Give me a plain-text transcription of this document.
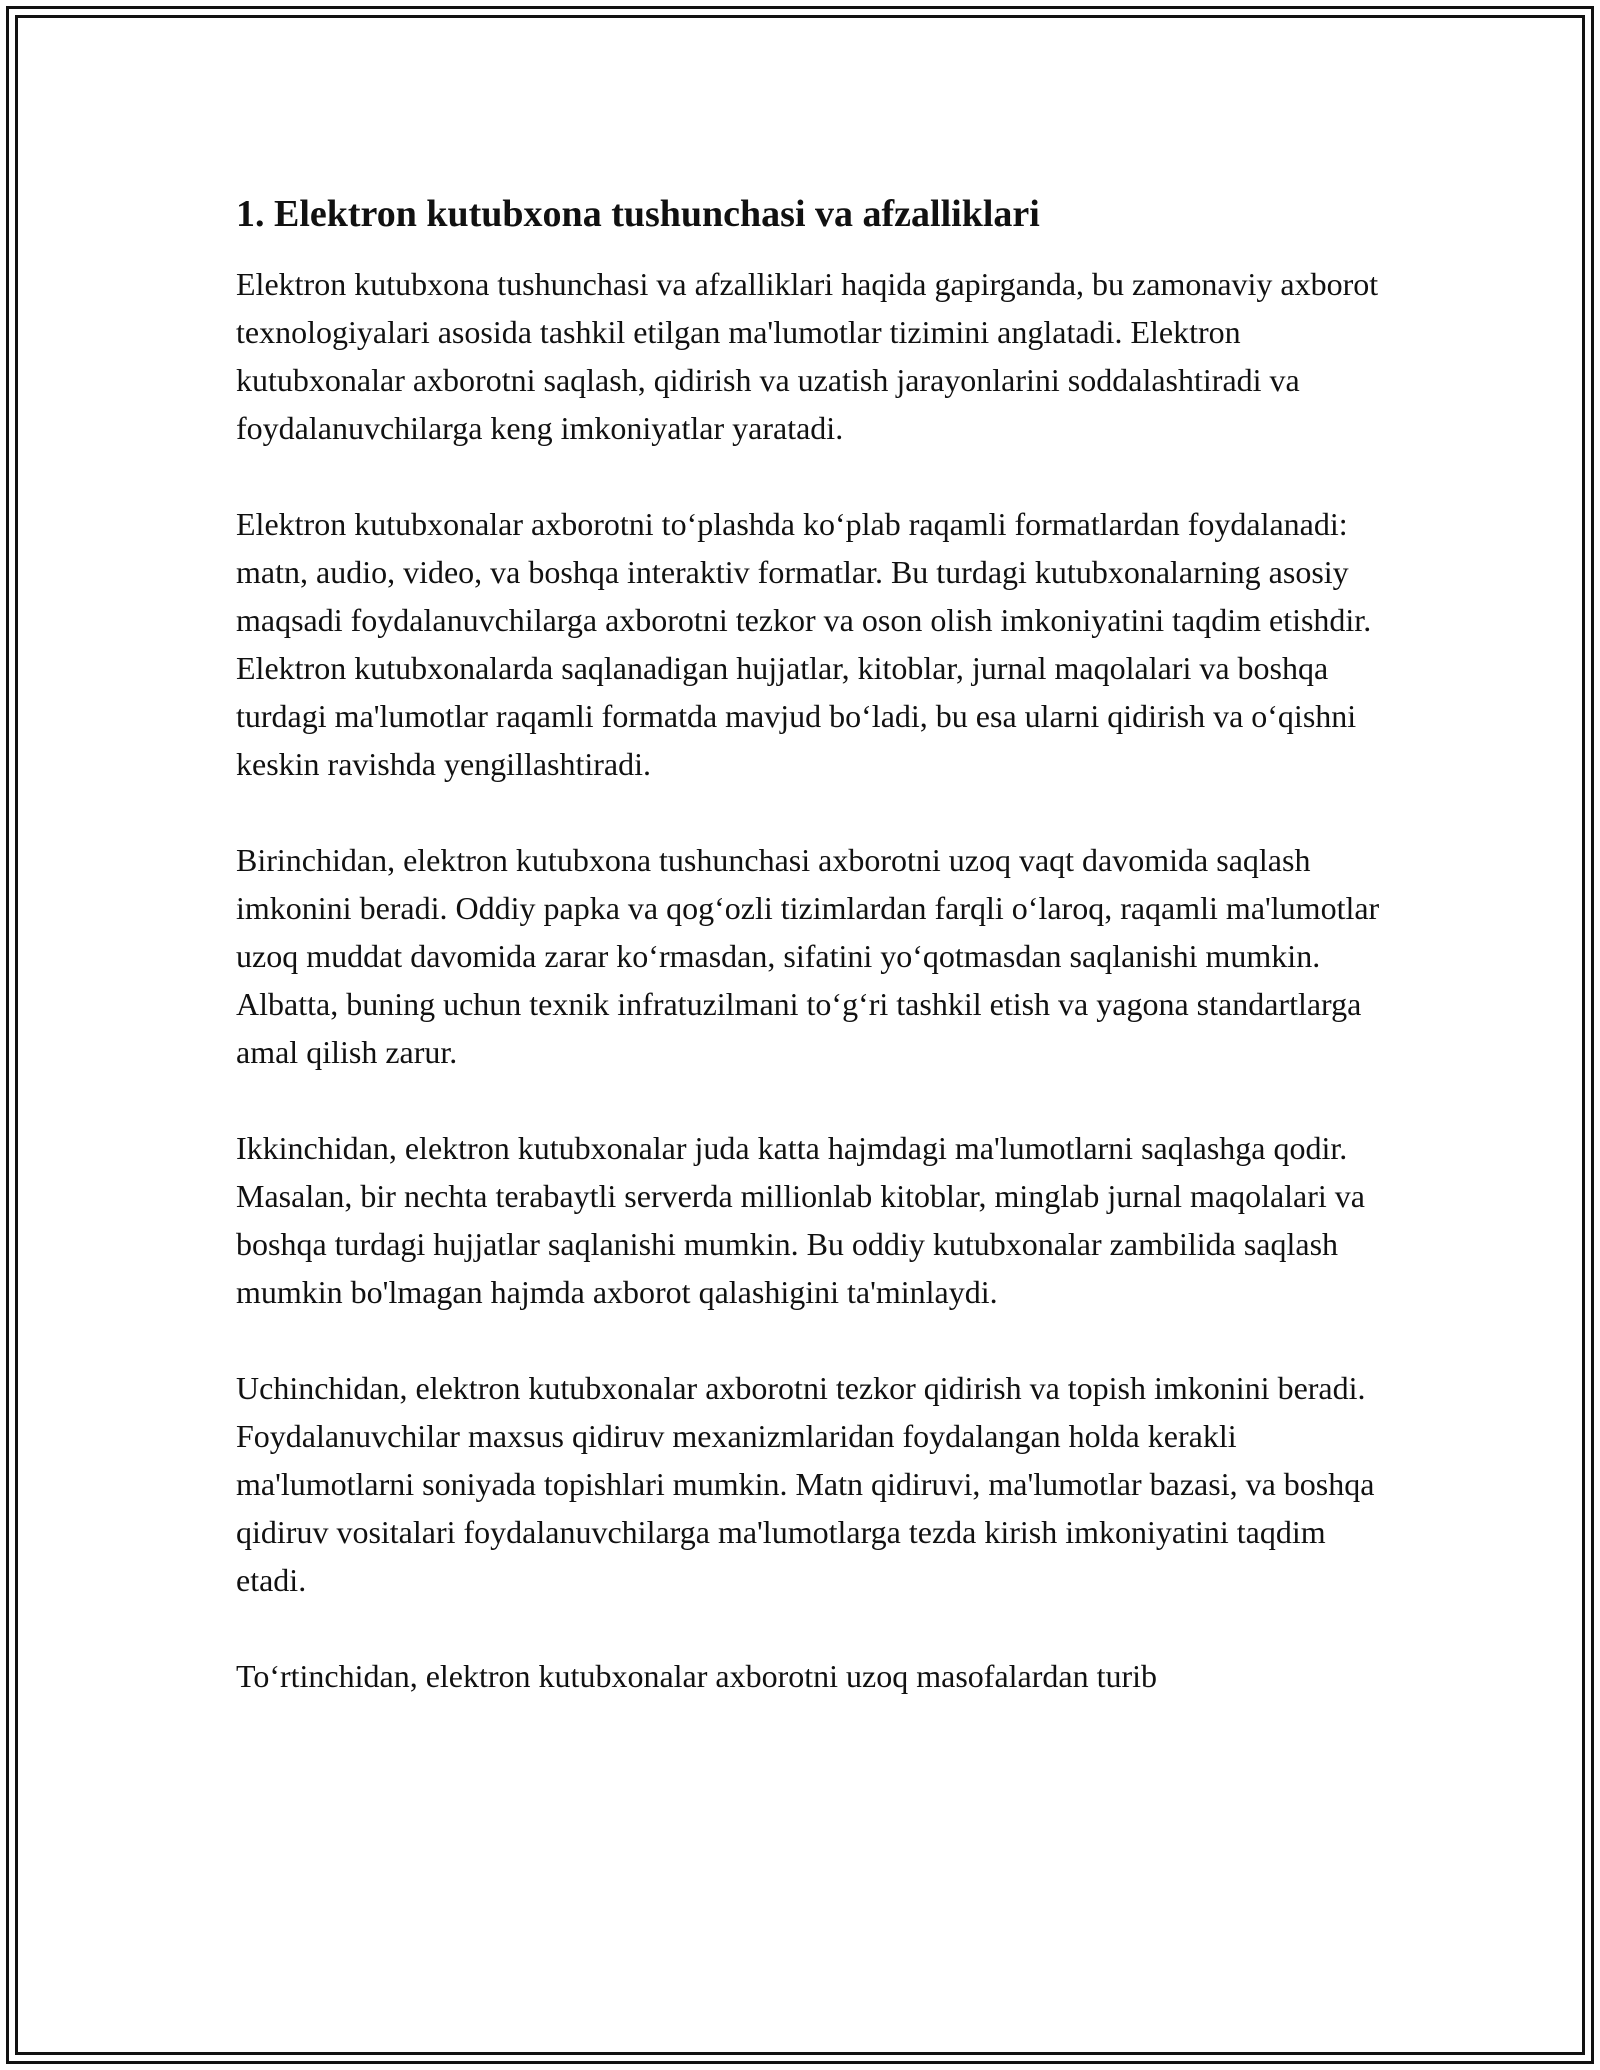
1. Elektron kutubxona tushunchasi va afzalliklari

Elektron kutubxona tushunchasi va afzalliklari haqida gapirganda, bu zamonaviy axborot texnologiyalari asosida tashkil etilgan ma'lumotlar tizimini anglatadi. Elektron kutubxonalar axborotni saqlash, qidirish va uzatish jarayonlarini soddalashtiradi va foydalanuvchilarga keng imkoniyatlar yaratadi.

Elektron kutubxonalar axborotni to‘plashda ko‘plab raqamli formatlardan foydalanadi: matn, audio, video, va boshqa interaktiv formatlar. Bu turdagi kutubxonalarning asosiy maqsadi foydalanuvchilarga axborotni tezkor va oson olish imkoniyatini taqdim etishdir. Elektron kutubxonalarda saqlanadigan hujjatlar, kitoblar, jurnal maqolalari va boshqa turdagi ma'lumotlar raqamli formatda mavjud bo‘ladi, bu esa ularni qidirish va o‘qishni keskin ravishda yengillashtiradi.

Birinchidan, elektron kutubxona tushunchasi axborotni uzoq vaqt davomida saqlash imkonini beradi. Oddiy papka va qog‘ozli tizimlardan farqli o‘laroq, raqamli ma'lumotlar uzoq muddat davomida zarar ko‘rmasdan, sifatini yo‘qotmasdan saqlanishi mumkin. Albatta, buning uchun texnik infratuzilmani to‘g‘ri tashkil etish va yagona standartlarga amal qilish zarur.

Ikkinchidan, elektron kutubxonalar juda katta hajmdagi ma'lumotlarni saqlashga qodir. Masalan, bir nechta terabaytli serverda millionlab kitoblar, minglab jurnal maqolalari va boshqa turdagi hujjatlar saqlanishi mumkin. Bu oddiy kutubxonalar zambilida saqlash mumkin bo'lmagan hajmda axborot qalashigini ta'minlaydi.

Uchinchidan, elektron kutubxonalar axborotni tezkor qidirish va topish imkonini beradi. Foydalanuvchilar maxsus qidiruv mexanizmlaridan foydalangan holda kerakli ma'lumotlarni soniyada topishlari mumkin. Matn qidiruvi, ma'lumotlar bazasi, va boshqa qidiruv vositalari foydalanuvchilarga ma'lumotlarga tezda kirish imkoniyatini taqdim etadi.

To‘rtinchidan, elektron kutubxonalar axborotni uzoq masofalardan turib
